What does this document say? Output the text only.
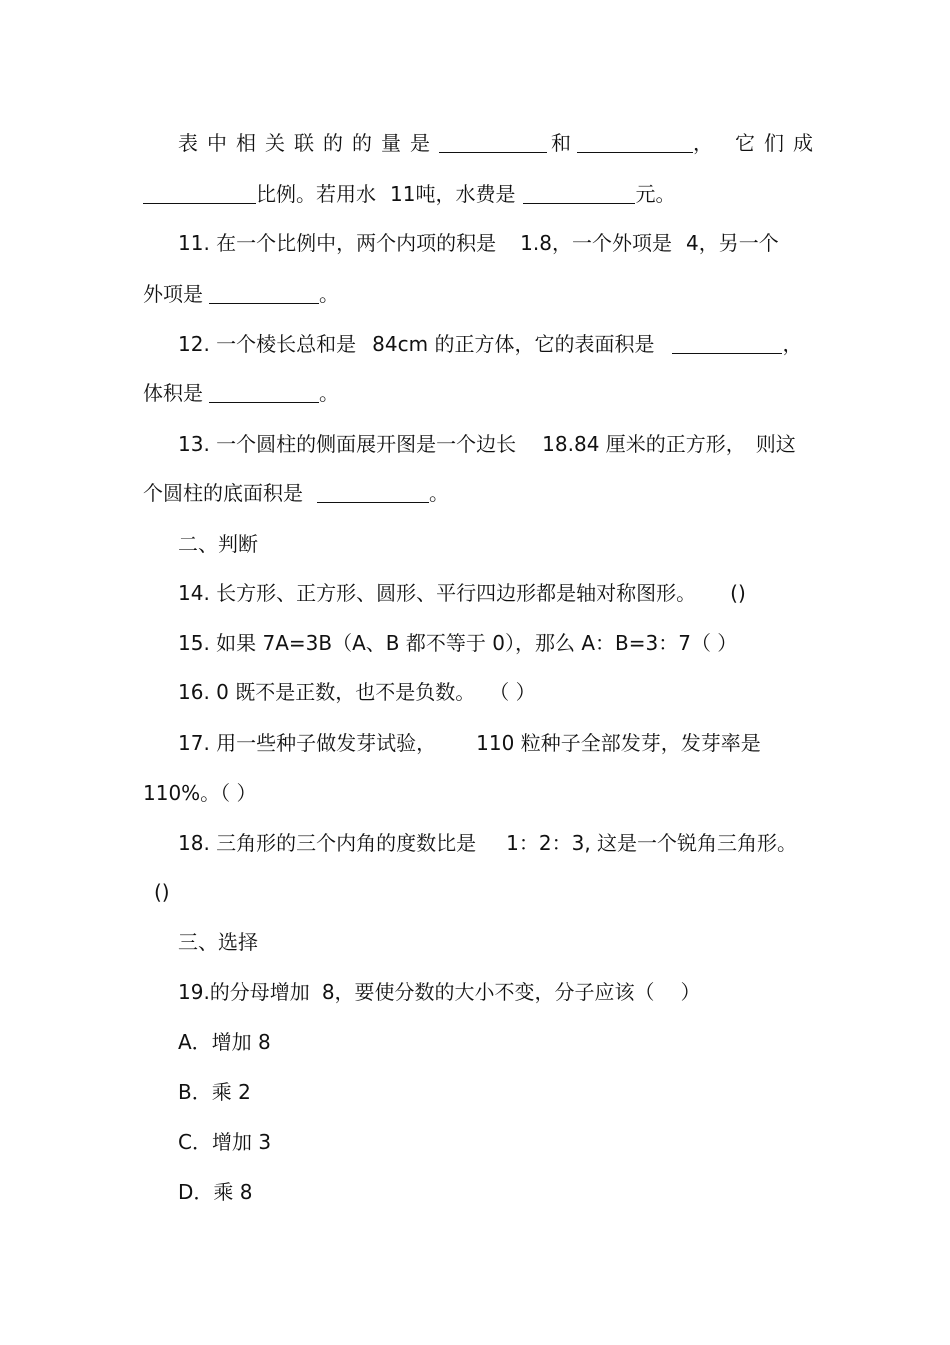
表中相关联的的量是	和	， 它们成
比例。若用水 11吨，水费是	元。
11. 在一个比例中，两个内项的积是 1.8，一个外项是 4，另一个
外项是	。
12. 一个棱长总和是 84cm 的正方体，它的表面积是	，
体积是	。
13. 一个圆柱的侧面展开图是一个边长 18.84 厘米的正方形， 则这
个圆柱的底面积是	。
二、判断
14. 长方形、正方形、圆形、平行四边形都是轴对称图形。 ()
15. 如果 7A=3B（A、B 都不等于 0），那么 A：B=3：7（ ）
16. 0 既不是正数，也不是负数。 （ ）
17. 用一些种子做发芽试验， 110 粒种子全部发芽，发芽率是
110%。（ ）
18. 三角形的三个内角的度数比是 1：2：3, 这是一个锐角三角形。
()
三、选择
19.的分母增加 8，要使分数的大小不变，分子应该（ ）
A．增加 8
B．乘 2
C．增加 3
D．乘 8
